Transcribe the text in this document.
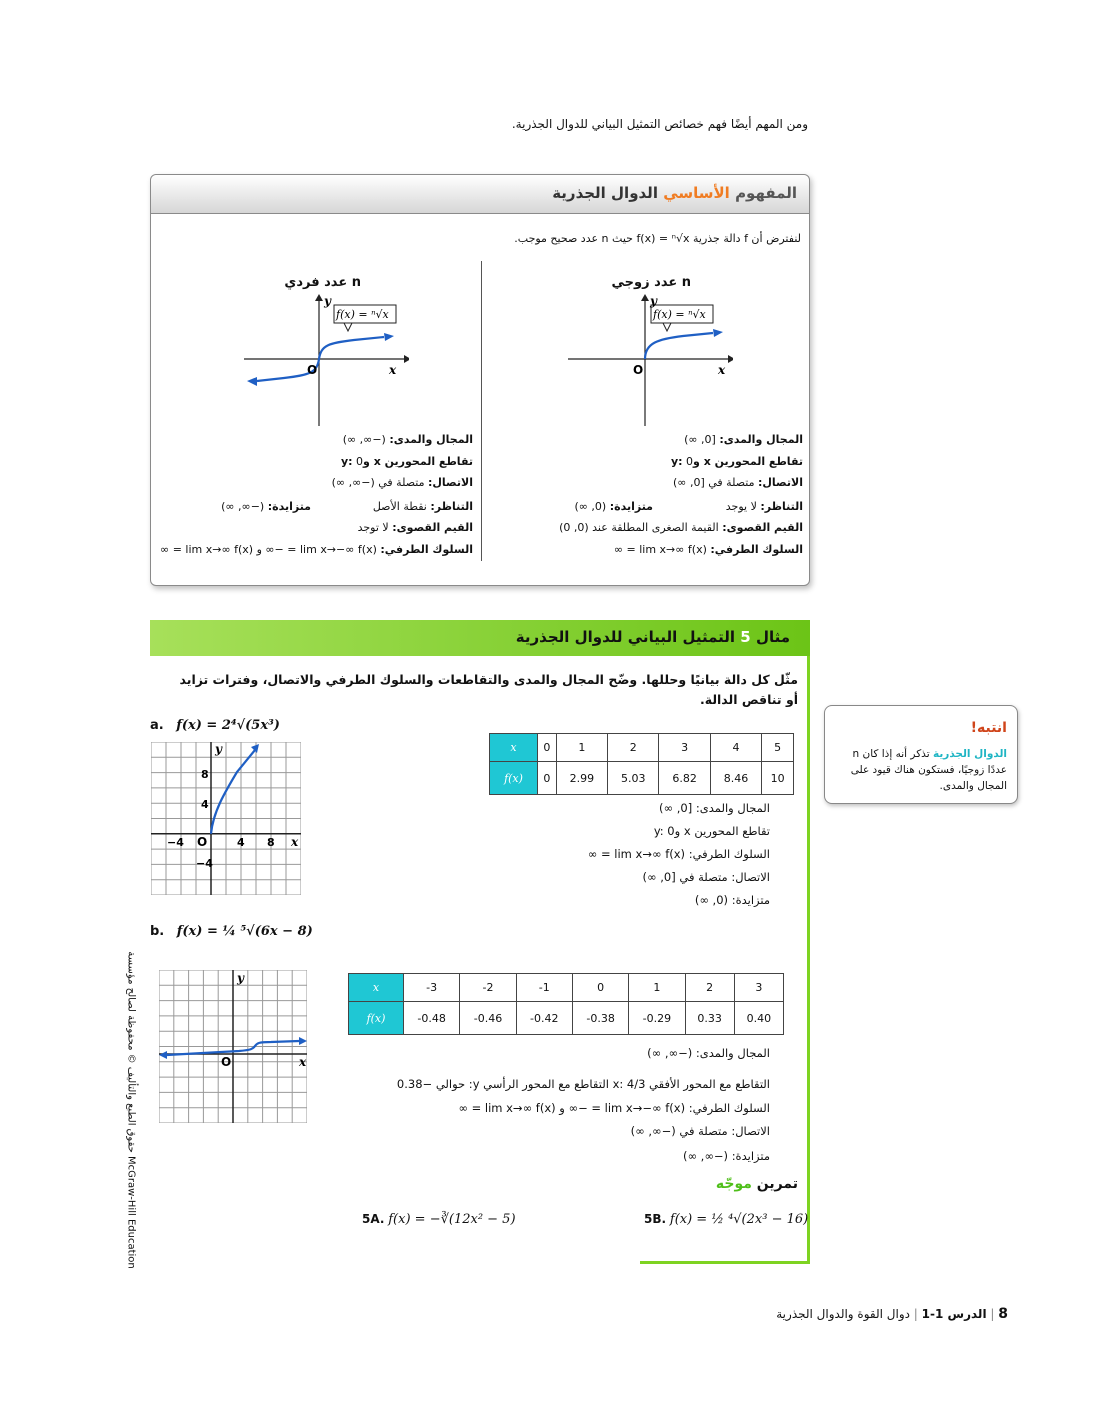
ومن المهم أيضًا فهم خصائص التمثيل البياني للدوال الجذرية.
المفهوم الأساسي الدوال الجذرية
لنفترض أن f دالة جذرية f(x) = ⁿ√x حيث n عدد صحيح موجب.
n عدد زوجي
f(x) = ⁿ√x
O	x
y
المجال والمدى: [0, ∞)
تقاطع المحورين x وy: 0
الاتصال: متصلة في [0, ∞)
التناظر: لا يوجد
متزايدة: (0, ∞)
القيم القصوى: القيمة الصغرى المطلقة عند (0, 0)
السلوك الطرفي: lim x→∞ f(x) = ∞
n عدد فردي
f(x) = ⁿ√x
O	x
y
المجال والمدى: (−∞, ∞)
تقاطع المحورين x وy: 0
الاتصال: متصلة في (−∞, ∞)
التناظر: نقطة الأصل
متزايدة: (−∞, ∞)
القيم القصوى: لا توجد
السلوك الطرفي: lim x→−∞ f(x) = −∞ و lim x→∞ f(x) = ∞
مثال 5 التمثيل البياني للدوال الجذرية
مثّل كل دالة بيانيًا وحللها. وضّح المجال والمدى والتقاطعات والسلوك الطرفي والاتصال، وفترات تزايد أو تناقص الدالة.
a. f(x) = 2⁴√(5x³)
8
4
−4
−4	4 8
O	x
y	x	0	1	2	3	4	5
f(x)	0	2.99	5.03	6.82	8.46	10
المجال والمدى: [0, ∞)
تقاطع المحورين x وy: 0
السلوك الطرفي: lim x→∞ f(x) = ∞
الاتصال: متصلة في [0, ∞)
متزايدة: (0, ∞)
b. f(x) = ¼ ⁵√(6x − 8)
O	x
y
x	-3	-2	-1	0	1	2	3
f(x)	-0.48	-0.46	-0.42	-0.38	-0.29	0.33	0.40
المجال والمدى: (−∞, ∞)
التقاطع مع المحور الأفقي x: 4/3 التقاطع مع المحور الرأسي y: حوالي −0.38
السلوك الطرفي: lim x→−∞ f(x) = −∞ و lim x→∞ f(x) = ∞
الاتصال: متصلة في (−∞, ∞)
متزايدة: (−∞, ∞)
انتبه!
الدوال الجذرية تذكر أنه إذا كان n عددًا زوجيًا، فستكون هناك قيود على المجال والمدى.
تمرين موجّه
5A. f(x) = −∛(12x² − 5)	5B. f(x) = ½ ⁴√(2x³ − 16)
8 | الدرس 1-1 | دوال القوة والدوال الجذرية
حقوق الطبع والتأليف © محفوظة لصالح مؤسسة McGraw-Hill Education
